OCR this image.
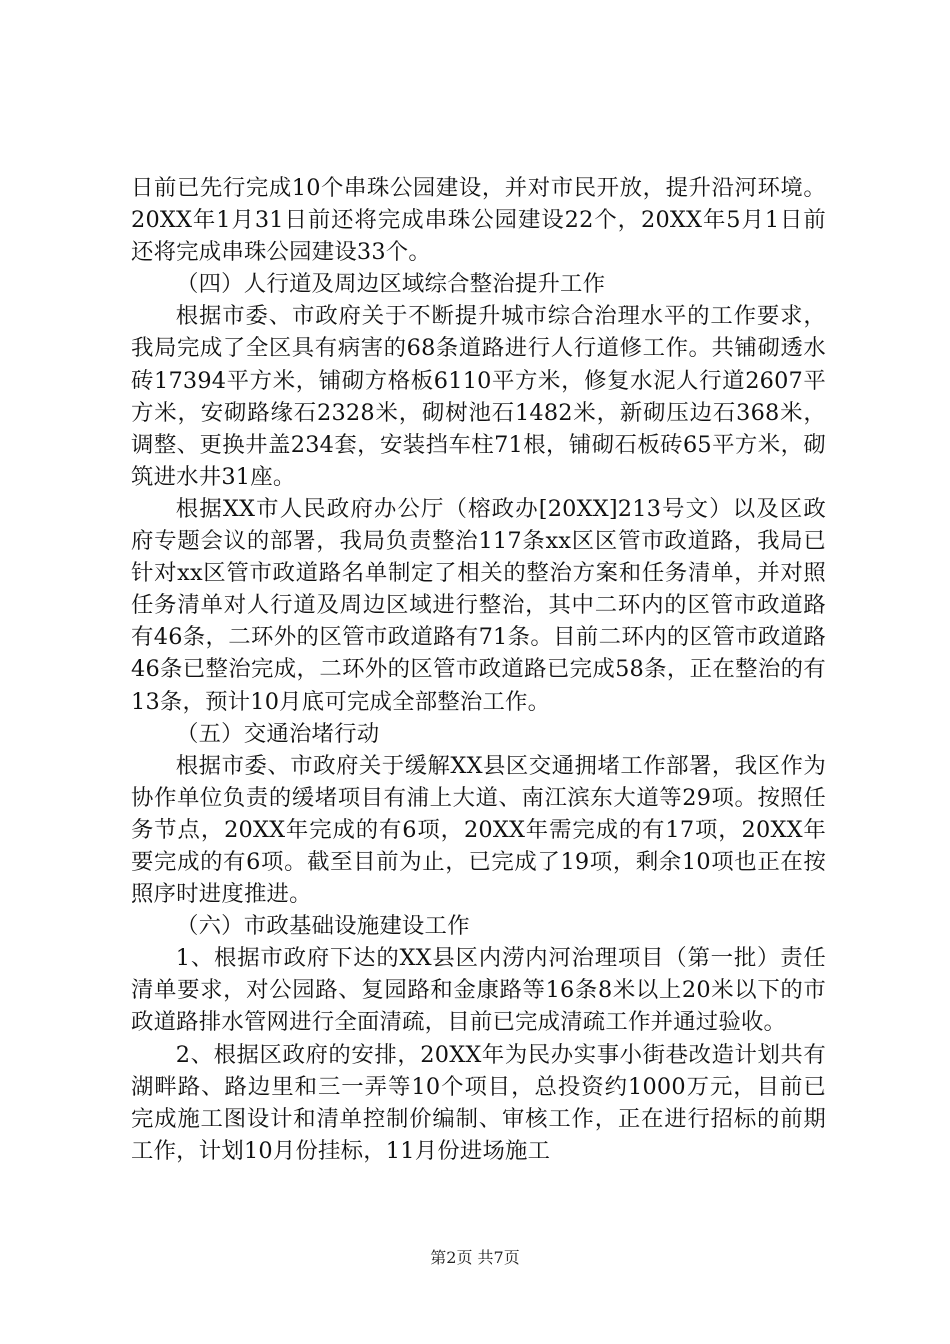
日前已先行完成10个串珠公园建设，并对市民开放，提升沿河环境。20XX年1月31日前还将完成串珠公园建设22个，20XX年5月1日前还将完成串珠公园建设33个。

（四）人行道及周边区域综合整治提升工作

根据市委、市政府关于不断提升城市综合治理水平的工作要求，我局完成了全区具有病害的68条道路进行人行道修工作。共铺砌透水砖17394平方米，铺砌方格板6110平方米，修复水泥人行道2607平方米，安砌路缘石2328米，砌树池石1482米，新砌压边石368米，调整、更换井盖234套，安装挡车柱71根，铺砌石板砖65平方米，砌筑进水井31座。

根据XX市人民政府办公厅（榕政办[20XX]213号文）以及区政府专题会议的部署，我局负责整治117条xx区区管市政道路，我局已针对xx区管市政道路名单制定了相关的整治方案和任务清单，并对照任务清单对人行道及周边区域进行整治，其中二环内的区管市政道路有46条，二环外的区管市政道路有71条。目前二环内的区管市政道路46条已整治完成，二环外的区管市政道路已完成58条，正在整治的有13条，预计10月底可完成全部整治工作。

（五）交通治堵行动

根据市委、市政府关于缓解XX县区交通拥堵工作部署，我区作为协作单位负责的缓堵项目有浦上大道、南江滨东大道等29项。按照任务节点，20XX年完成的有6项，20XX年需完成的有17项，20XX年要完成的有6项。截至目前为止，已完成了19项，剩余10项也正在按照序时进度推进。

（六）市政基础设施建设工作

1、根据市政府下达的XX县区内涝内河治理项目（第一批）责任清单要求，对公园路、复园路和金康路等16条8米以上20米以下的市政道路排水管网进行全面清疏，目前已完成清疏工作并通过验收。

2、根据区政府的安排，20XX年为民办实事小街巷改造计划共有湖畔路、路边里和三一弄等10个项目，总投资约1000万元，目前已完成施工图设计和清单控制价编制、审核工作，正在进行招标的前期工作，计划10月份挂标，11月份进场施工

第2页 共7页
